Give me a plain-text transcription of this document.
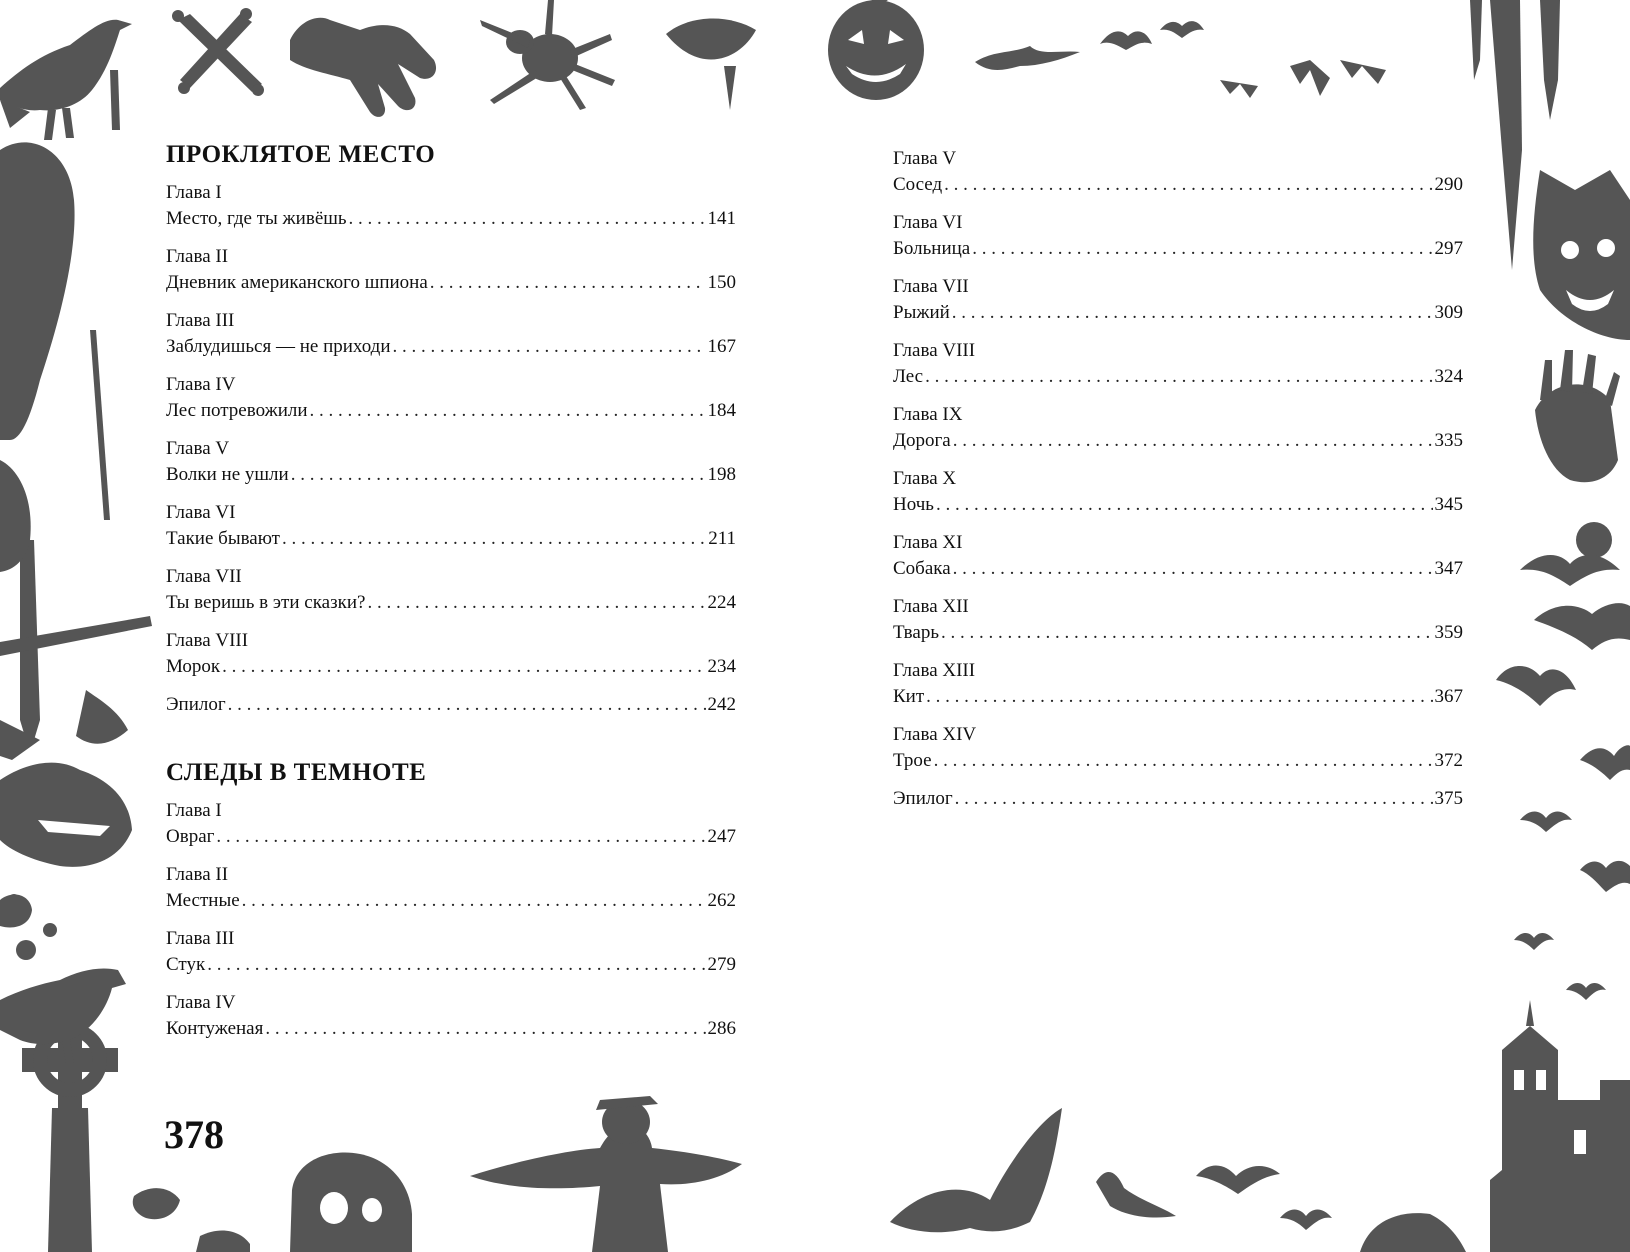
ПРОКЛЯТОЕ МЕСТО
Глава I
Место, где ты живёшь . . .	141
Глава II
Дневник американского шпиона . . .	150
Глава III
Заблудишься — не приходи . . .	167
Глава IV
Лес потревожили . . .	184
Глава V
Волки не ушли . . .	198
Глава VI
Такие бывают . . .	211
Глава VII
Ты веришь в эти сказки? . . .	224
Глава VIII
Морок . . .	234
Эпилог . . .	242
СЛЕДЫ В ТЕМНОТЕ
Глава I
Овраг . . .	247
Глава II
Местные . . .	262
Глава III
Стук . . .	279
Глава IV
Контуженая . . .	286
Глава V
Сосед . . .	290
Глава VI
Больница . . .	297
Глава VII
Рыжий . . .	309
Глава VIII
Лес . . .	324
Глава IX
Дорога . . .	335
Глава X
Ночь . . .	345
Глава XI
Собака . . .	347
Глава XII
Тварь . . .	359
Глава XIII
Кит . . .	367
Глава XIV
Трое . . .	372
Эпилог . . .	375
378
